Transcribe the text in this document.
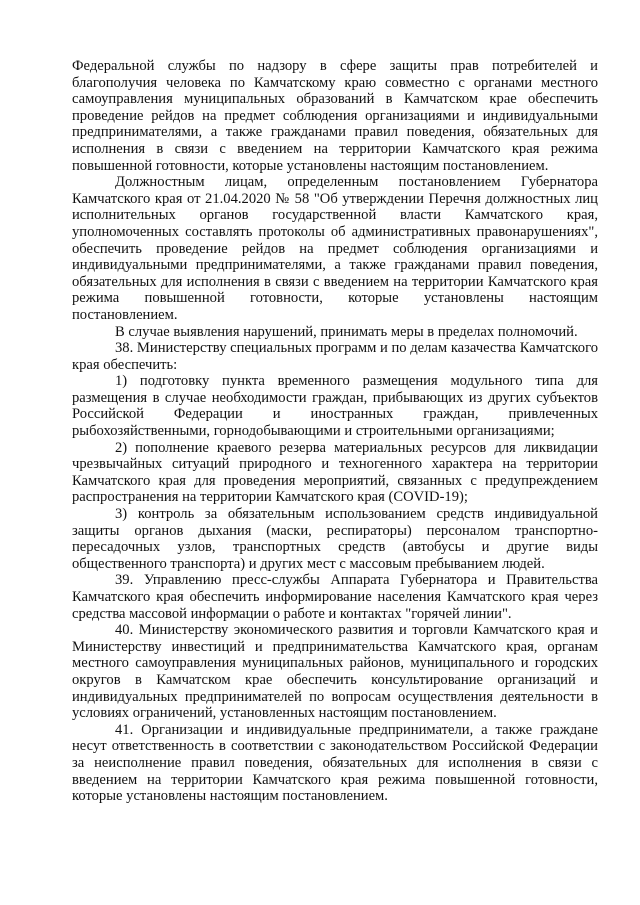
Федеральной службы по надзору в сфере защиты прав потребителей и благополучия человека по Камчатскому краю совместно с органами местного самоуправления муниципальных образований в Камчатском крае обеспечить проведение рейдов на предмет соблюдения организациями и индивидуальными предпринимателями, а также гражданами правил поведения, обязательных для исполнения в связи с введением на территории Камчатского края режима повышенной готовности, которые установлены настоящим постановлением.

Должностным лицам, определенным постановлением Губернатора Камчатского края от 21.04.2020 № 58 "Об утверждении Перечня должностных лиц исполнительных органов государственной власти Камчатского края, уполномоченных составлять протоколы об административных правонарушениях", обеспечить проведение рейдов на предмет соблюдения организациями и индивидуальными предпринимателями, а также гражданами правил поведения, обязательных для исполнения в связи с введением на территории Камчатского края режима повышенной готовности, которые установлены настоящим постановлением.

В случае выявления нарушений, принимать меры в пределах полномочий.

38. Министерству специальных программ и по делам казачества Камчатского края обеспечить:

1) подготовку пункта временного размещения модульного типа для размещения в случае необходимости граждан, прибывающих из других субъектов Российской Федерации и иностранных граждан, привлеченных рыбохозяйственными, горнодобывающими и строительными организациями;

2) пополнение краевого резерва материальных ресурсов для ликвидации чрезвычайных ситуаций природного и техногенного характера на территории Камчатского края для проведения мероприятий, связанных с предупреждением распространения на территории Камчатского края (COVID-19);

3) контроль за обязательным использованием средств индивидуальной защиты органов дыхания (маски, респираторы) персоналом транспортно-пересадочных узлов, транспортных средств (автобусы и другие виды общественного транспорта) и других мест с массовым пребыванием людей.

39. Управлению пресс-службы Аппарата Губернатора и Правительства Камчатского края обеспечить информирование населения Камчатского края через средства массовой информации о работе и контактах "горячей линии".

40. Министерству экономического развития и торговли Камчатского края и Министерству инвестиций и предпринимательства Камчатского края, органам местного самоуправления муниципальных районов, муниципального и городских округов в Камчатском крае обеспечить консультирование организаций и индивидуальных предпринимателей по вопросам осуществления деятельности в условиях ограничений, установленных настоящим постановлением.

41. Организации и индивидуальные предприниматели, а также граждане несут ответственность в соответствии с законодательством Российской Федерации за неисполнение правил поведения, обязательных для исполнения в связи с введением на территории Камчатского края режима повышенной готовности, которые установлены настоящим постановлением.
